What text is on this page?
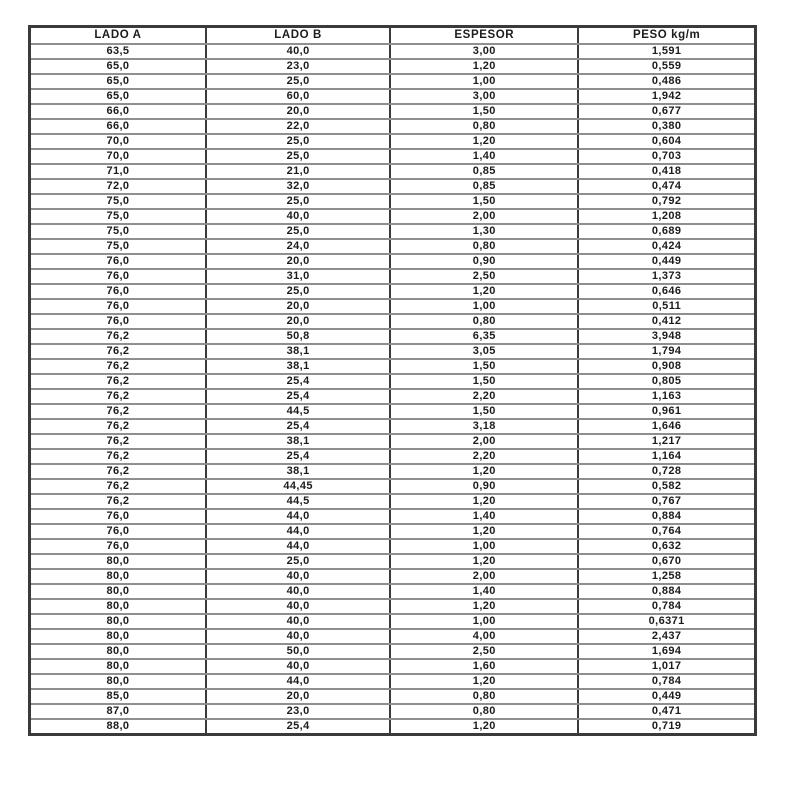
LADO A	LADO B	ESPESOR	PESO kg/m
63,5	40,0	3,00	1,591
65,0	23,0	1,20	0,559
65,0	25,0	1,00	0,486
65,0	60,0	3,00	1,942
66,0	20,0	1,50	0,677
66,0	22,0	0,80	0,380
70,0	25,0	1,20	0,604
70,0	25,0	1,40	0,703
71,0	21,0	0,85	0,418
72,0	32,0	0,85	0,474
75,0	25,0	1,50	0,792
75,0	40,0	2,00	1,208
75,0	25,0	1,30	0,689
75,0	24,0	0,80	0,424
76,0	20,0	0,90	0,449
76,0	31,0	2,50	1,373
76,0	25,0	1,20	0,646
76,0	20,0	1,00	0,511
76,0	20,0	0,80	0,412
76,2	50,8	6,35	3,948
76,2	38,1	3,05	1,794
76,2	38,1	1,50	0,908
76,2	25,4	1,50	0,805
76,2	25,4	2,20	1,163
76,2	44,5	1,50	0,961
76,2	25,4	3,18	1,646
76,2	38,1	2,00	1,217
76,2	25,4	2,20	1,164
76,2	38,1	1,20	0,728
76,2	44,45	0,90	0,582
76,2	44,5	1,20	0,767
76,0	44,0	1,40	0,884
76,0	44,0	1,20	0,764
76,0	44,0	1,00	0,632
80,0	25,0	1,20	0,670
80,0	40,0	2,00	1,258
80,0	40,0	1,40	0,884
80,0	40,0	1,20	0,784
80,0	40,0	1,00	0,6371
80,0	40,0	4,00	2,437
80,0	50,0	2,50	1,694
80,0	40,0	1,60	1,017
80,0	44,0	1,20	0,784
85,0	20,0	0,80	0,449
87,0	23,0	0,80	0,471
88,0	25,4	1,20	0,719
